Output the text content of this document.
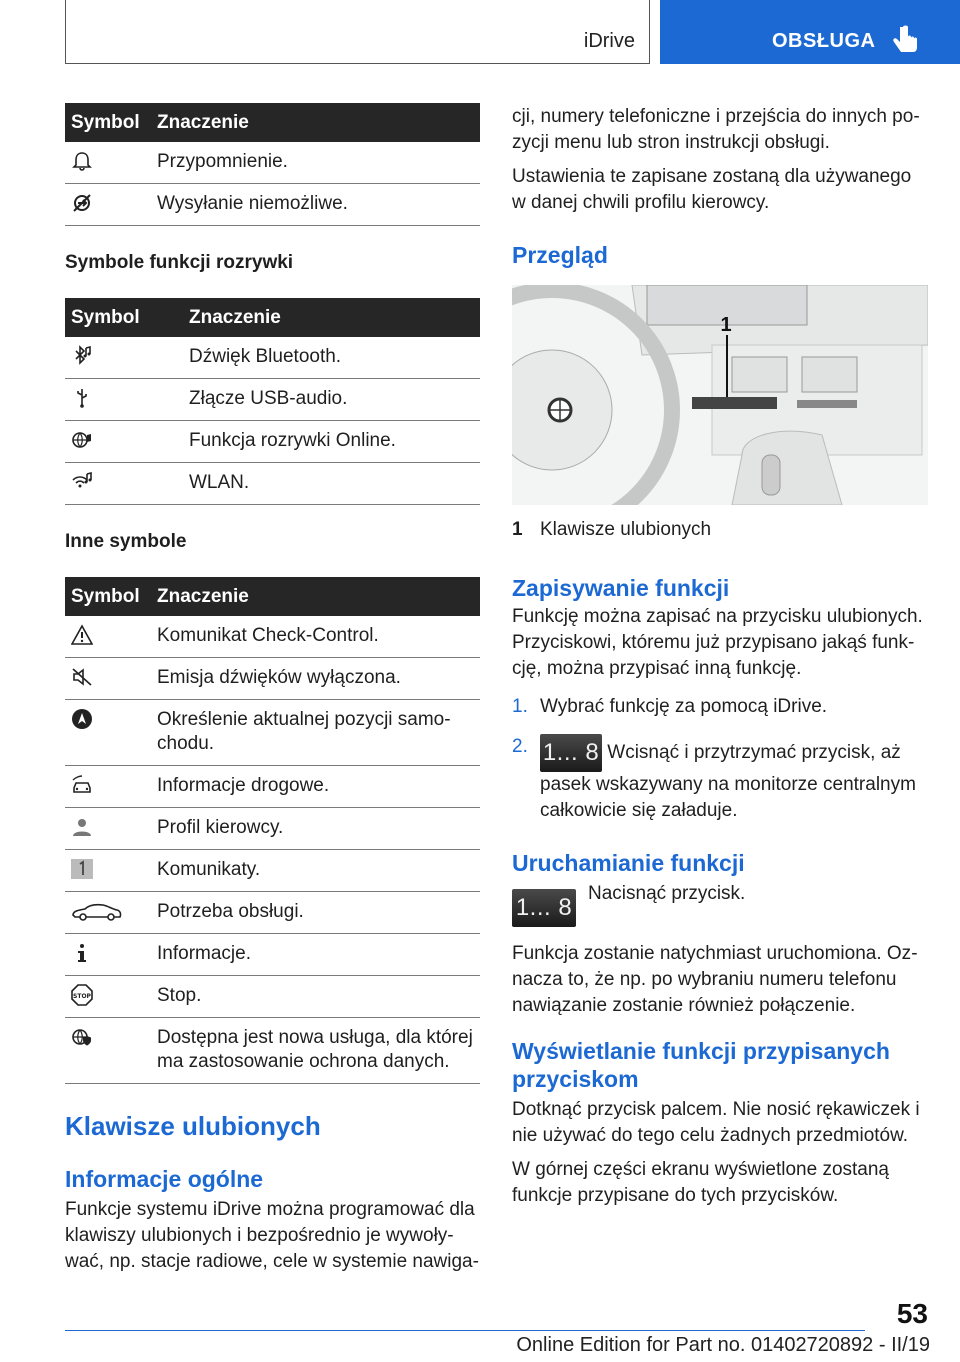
iDrive	OBSŁUGA
Symbol	Znaczenie
	Przypomnienie.
	Wysyłanie niemożliwe.
Symbole funkcji rozrywki
Symbol	Znaczenie
	Dźwięk Bluetooth.
	Złącze USB-audio.
	Funkcja rozrywki Online.
	WLAN.
Inne symbole
Symbol	Znaczenie
	Komunikat Check-Control.
	Emisja dźwięków wyłączona.
	Określenie aktualnej pozycji samochodu.
	Informacje drogowe.
	Profil kierowcy.
	Komunikaty.
	Potrzeba obsługi.
	Informacje.

STOP	Stop.
	Dostępna jest nowa usługa, dla której ma zastosowanie ochrona danych.
Klawisze ulubionych
Informacje ogólne

Funkcje systemu iDrive można programować dla klawiszy ulubionych i bezpośrednio je wywoływać, np. stacje radiowe, cele w systemie nawiga

ji, numery telefoniczne i przejścia do innych pozycji menu lub stron instrukcji obsługi.

Ustawienia te zapisane zostaną dla używanego w danej chwili profilu kierowcy.

Przegląd
1
1 Klawisze ulubionych
Zapisywanie funkcji

Funkcję można zapisać na przycisku ulubionych. Przyciskowi, któremu już przypisano jakąś funkcję, można przypisać inną funkcję.

1. Wybrać funkcję za pomocą iDrive.
2. 1... 8 Wcisnąć i przytrzymać przycisk, aż pasek wskazywany na monitorze centralnym całkowicie się załaduje.
Uruchamianie funkcji
1... 8
Nacisnąć przycisk.

Funkcja zostanie natychmiast uruchomiona. Oznacza to, że np. po wybraniu numeru telefonu nawiązanie zostanie również połączenie.

Wyświetlanie funkcji przypisanych przyciskom

Dotknąć przycisk palcem. Nie nosić rękawiczek i nie używać do tego celu żadnych przedmiotów.

W górnej części ekranu wyświetlone zostaną funkcje przypisane do tych przycisków.

53
Online Edition for Part no. 01402720892 - II/19
